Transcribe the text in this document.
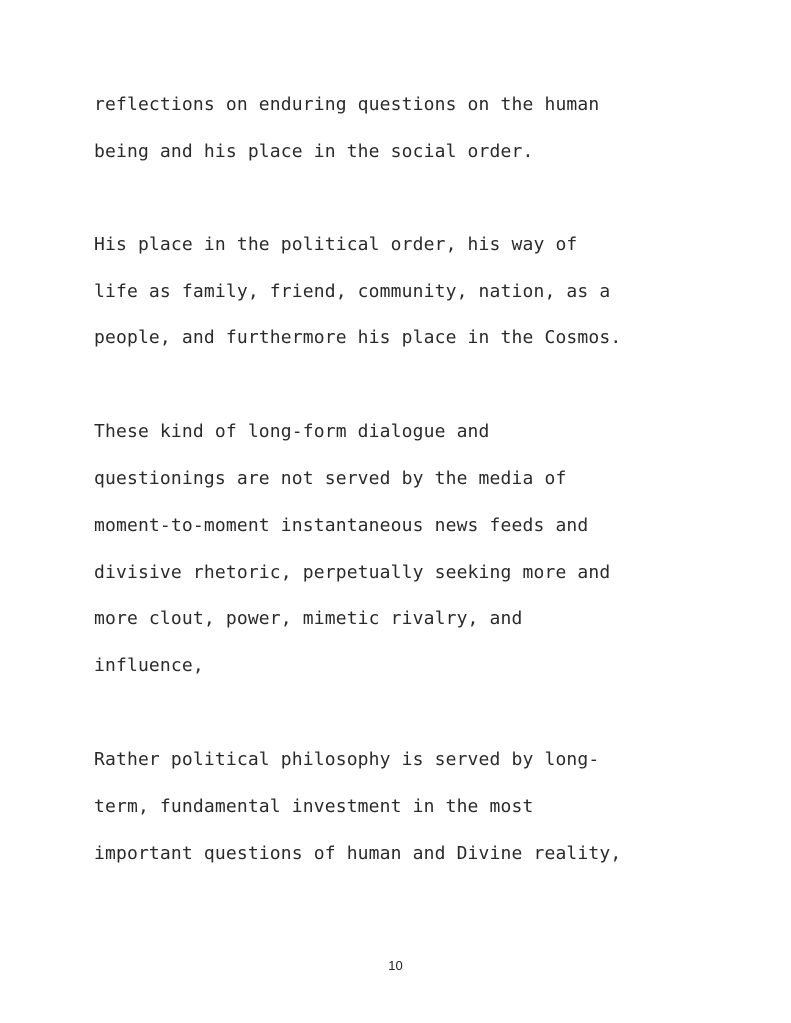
reflections on enduring questions on the human
being and his place in the social order.
His place in the political order, his way of
life as family, friend, community, nation, as a
people, and furthermore his place in the Cosmos.
These kind of long-form dialogue and
questionings are not served by the media of
moment-to-moment instantaneous news feeds and
divisive rhetoric, perpetually seeking more and
more clout, power, mimetic rivalry, and
influence,
Rather political philosophy is served by long-
term, fundamental investment in the most
important questions of human and Divine reality,
10
